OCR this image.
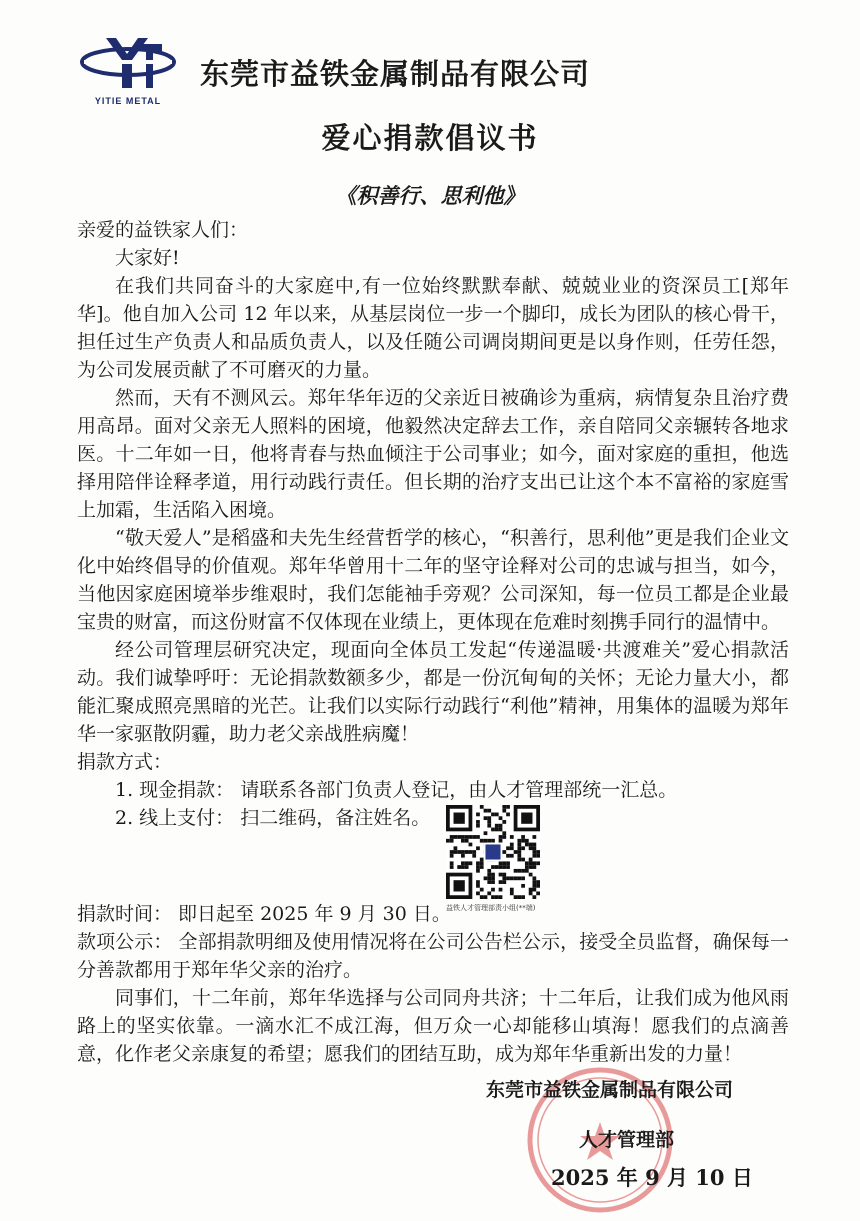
YITIE METAL
东莞市益铁金属制品有限公司
爱心捐款倡议书
《积善行、思利他》

亲爱的益铁家人们：

大家好!

在我们共同奋斗的大家庭中,有一位始终默默奉献、兢兢业业的资深员工[郑年华]。他自加入公司 12 年以来，从基层岗位一步一个脚印，成长为团队的核心骨干，担任过生产负责人和品质负责人，以及任随公司调岗期间更是以身作则，任劳任怨，为公司发展贡献了不可磨灭的力量。

然而，天有不测风云。郑年华年迈的父亲近日被确诊为重病，病情复杂且治疗费用高昂。面对父亲无人照料的困境，他毅然决定辞去工作，亲自陪同父亲辗转各地求医。十二年如一日，他将青春与热血倾注于公司事业；如今，面对家庭的重担，他选择用陪伴诠释孝道，用行动践行责任。但长期的治疗支出已让这个本不富裕的家庭雪上加霜，生活陷入困境。

“敬天爱人”是稻盛和夫先生经营哲学的核心，“积善行，思利他”更是我们企业文化中始终倡导的价值观。郑年华曾用十二年的坚守诠释对公司的忠诚与担当，如今，当他因家庭困境举步维艰时，我们怎能袖手旁观？公司深知，每一位员工都是企业最宝贵的财富，而这份财富不仅体现在业绩上，更体现在危难时刻携手同行的温情中。

经公司管理层研究决定，现面向全体员工发起“传递温暖·共渡难关”爱心捐款活动。我们诚挚呼吁：无论捐款数额多少，都是一份沉甸甸的关怀；无论力量大小，都能汇聚成照亮黑暗的光芒。让我们以实际行动践行“利他”精神，用集体的温暖为郑年华一家驱散阴霾，助力老父亲战胜病魔！

捐款方式：

1. 现金捐款： 请联系各部门负责人登记，由人才管理部统一汇总。

2. 线上支付： 扫二维码，备注姓名。

益铁人才管理部责小组(**端)

捐款时间： 即日起至 2025 年 9 月 30 日。

款项公示： 全部捐款明细及使用情况将在公司公告栏公示，接受全员监督，确保每一分善款都用于郑年华父亲的治疗。

同事们，十二年前，郑年华选择与公司同舟共济；十二年后，让我们成为他风雨路上的坚实依靠。一滴水汇不成江海，但万众一心却能移山填海！愿我们的点滴善意，化作老父亲康复的希望；愿我们的团结互助，成为郑年华重新出发的力量！

东莞市益铁金属制品有限公司
人才管理部
2025 年 9 月 10 日
